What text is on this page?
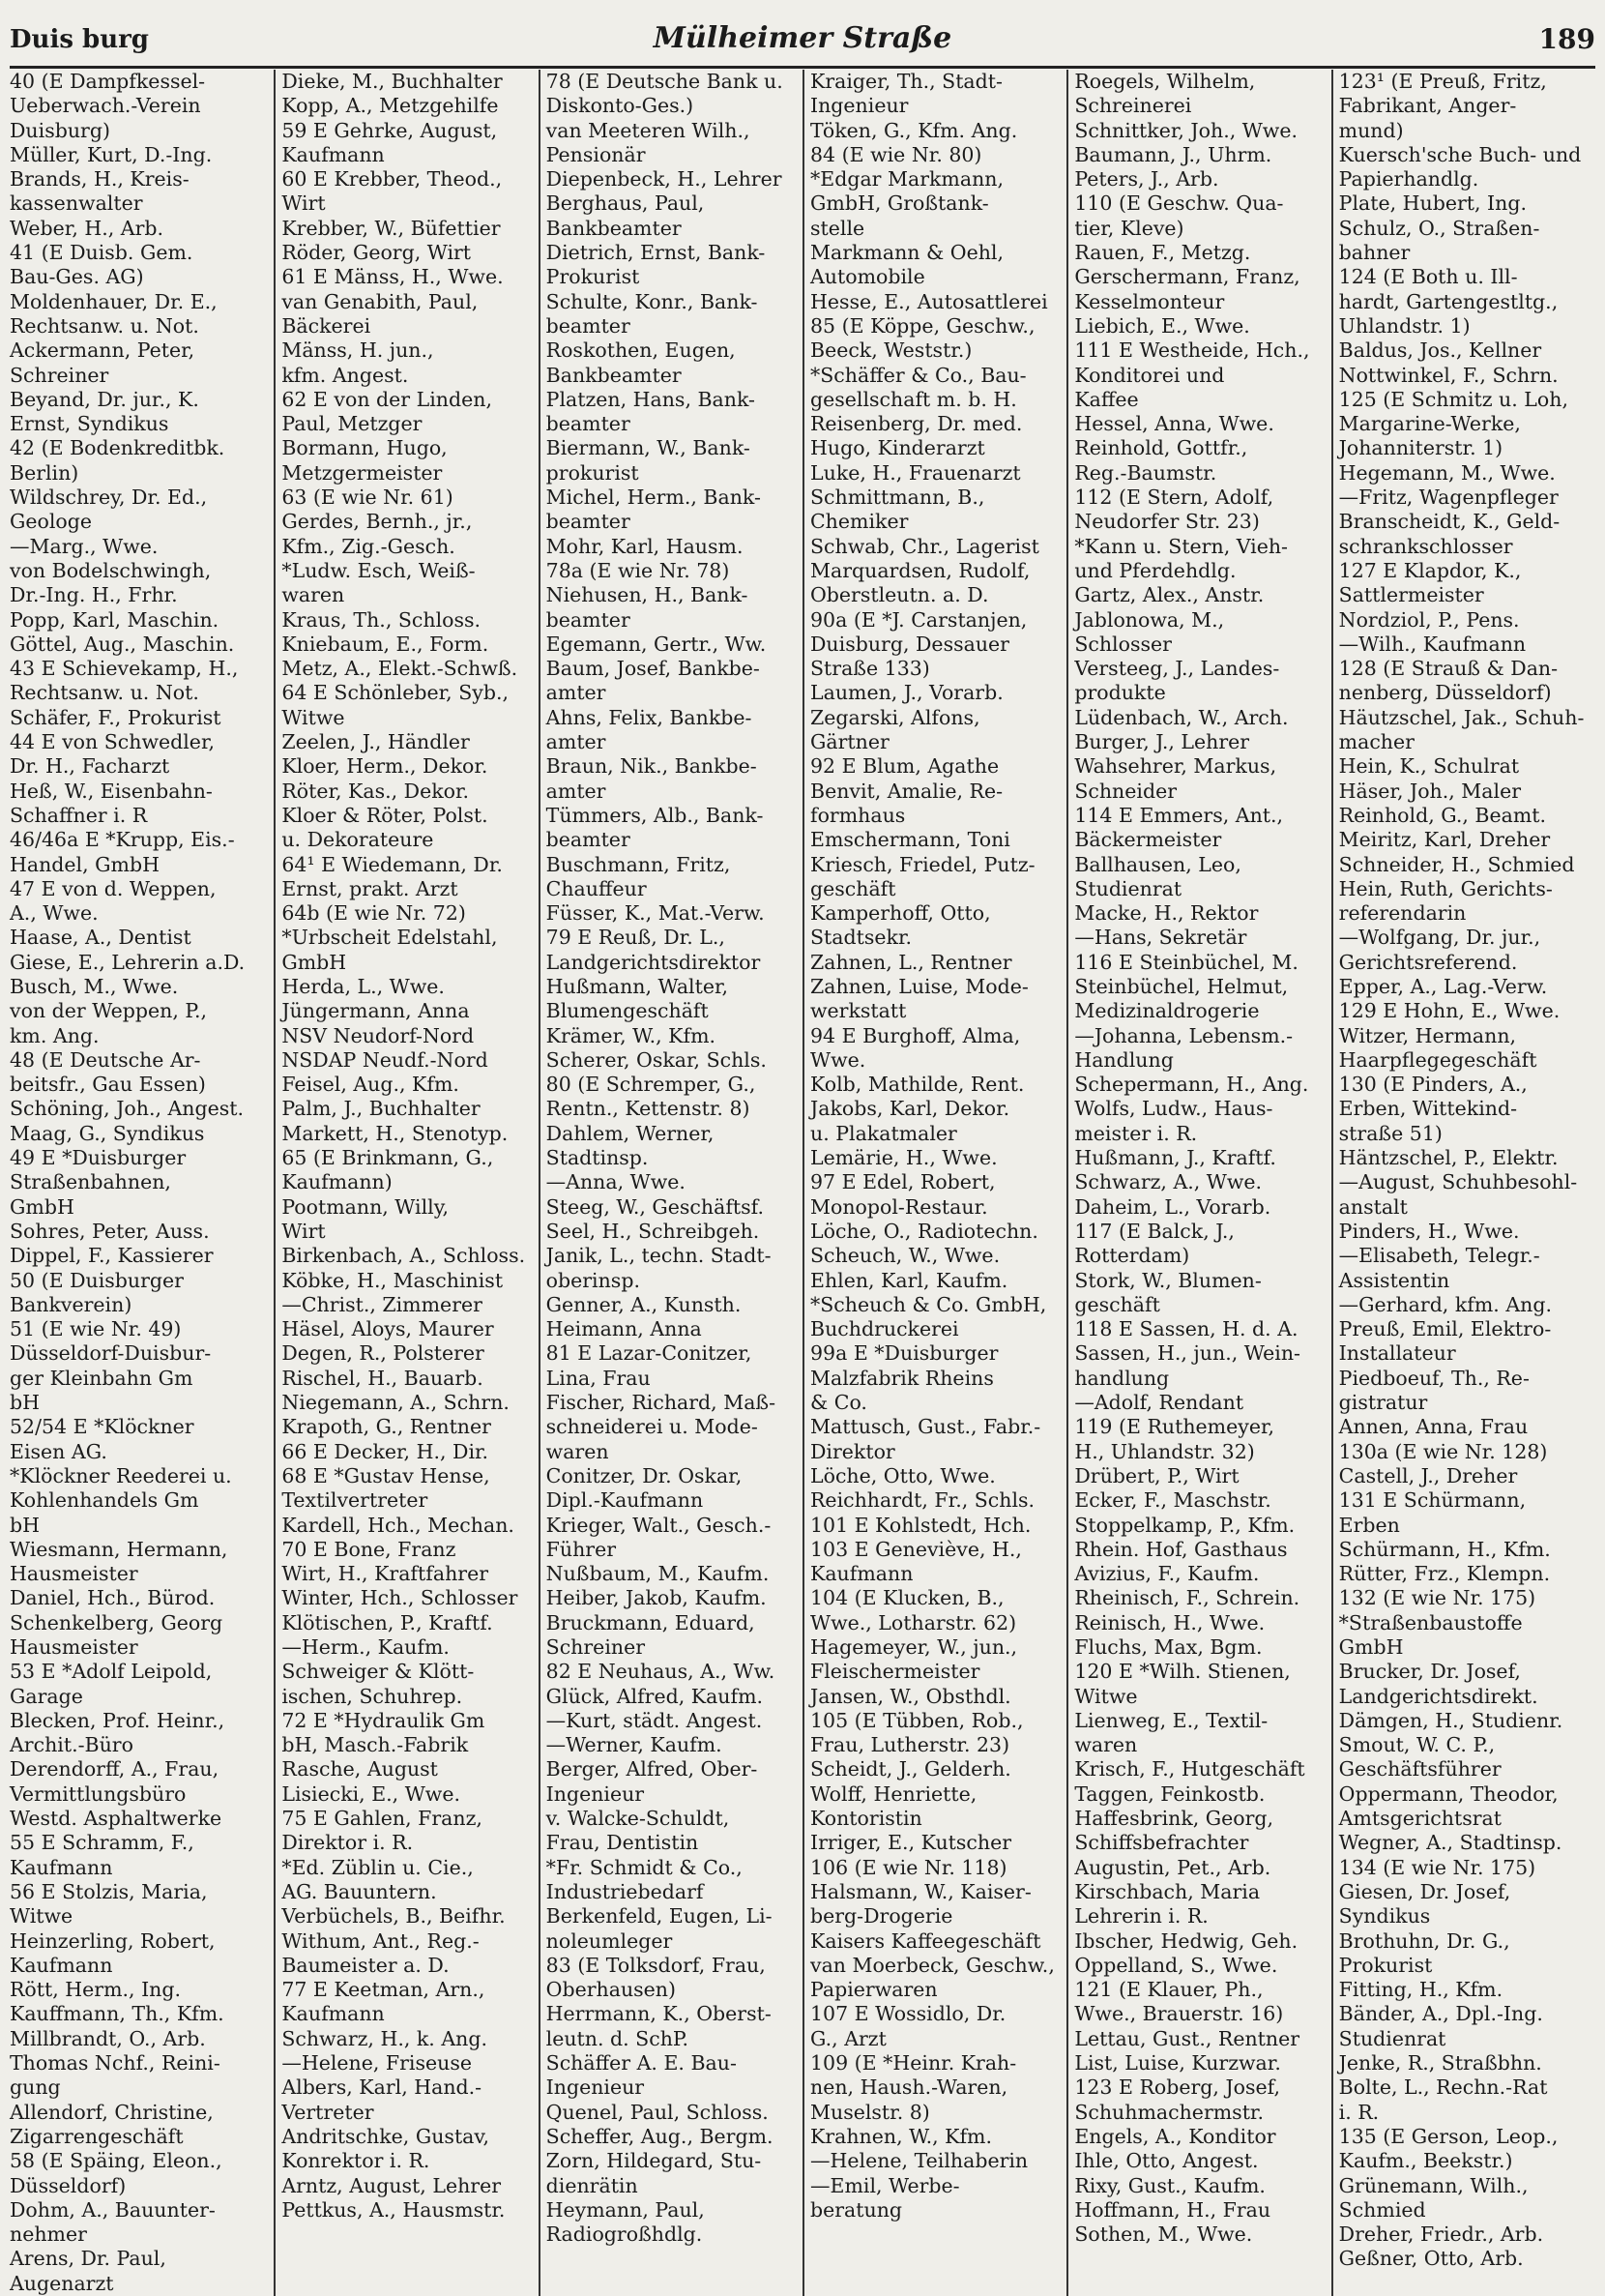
Duis burg	Mülheimer Straße	189
40 (E Dampfkessel-
Ueberwach.-Verein
Duisburg)
Müller, Kurt, D.-Ing.
Brands, H., Kreis-
kassenwalter
Weber, H., Arb.
41 (E Duisb. Gem.
Bau-Ges. AG)
Moldenhauer, Dr. E.,
Rechtsanw. u. Not.
Ackermann, Peter,
Schreiner
Beyand, Dr. jur., K.
Ernst, Syndikus
42 (E Bodenkreditbk.
Berlin)
Wildschrey, Dr. Ed.,
Geologe
—Marg., Wwe.
von Bodelschwingh,
Dr.-Ing. H., Frhr.
Popp, Karl, Maschin.
Göttel, Aug., Maschin.
43 E Schievekamp, H.,
Rechtsanw. u. Not.
Schäfer, F., Prokurist
44 E von Schwedler,
Dr. H., Facharzt
Heß, W., Eisenbahn-
Schaffner i. R
46/46a E *Krupp, Eis.-
Handel, GmbH
47 E von d. Weppen,
A., Wwe.
Haase, A., Dentist
Giese, E., Lehrerin a.D.
Busch, M., Wwe.
von der Weppen, P.,
km. Ang.
48 (E Deutsche Ar-
beitsfr., Gau Essen)
Schöning, Joh., Angest.
Maag, G., Syndikus
49 E *Duisburger
Straßenbahnen,
GmbH
Sohres, Peter, Auss.
Dippel, F., Kassierer
50 (E Duisburger
Bankverein)
51 (E wie Nr. 49)
Düsseldorf-Duisbur-
ger Kleinbahn Gm
bH
52/54 E *Klöckner
Eisen AG.
*Klöckner Reederei u.
Kohlenhandels Gm
bH
Wiesmann, Hermann,
Hausmeister
Daniel, Hch., Bürod.
Schenkelberg, Georg
Hausmeister
53 E *Adolf Leipold,
Garage
Blecken, Prof. Heinr.,
Archit.-Büro
Derendorff, A., Frau,
Vermittlungsbüro
Westd. Asphaltwerke
55 E Schramm, F.,
Kaufmann
56 E Stolzis, Maria,
Witwe
Heinzerling, Robert,
Kaufmann
Rött, Herm., Ing.
Kauffmann, Th., Kfm.
Millbrandt, O., Arb.
Thomas Nchf., Reini-
gung
Allendorf, Christine,
Zigarrengeschäft
58 (E Späing, Eleon.,
Düsseldorf)
Dohm, A., Bauunter-
nehmer
Arens, Dr. Paul,
Augenarzt
Dieke, M., Buchhalter
Kopp, A., Metzgehilfe
59 E Gehrke, August,
Kaufmann
60 E Krebber, Theod.,
Wirt
Krebber, W., Büfettier
Röder, Georg, Wirt
61 E Mänss, H., Wwe.
van Genabith, Paul,
Bäckerei
Mänss, H. jun.,
kfm. Angest.
62 E von der Linden,
Paul, Metzger
Bormann, Hugo,
Metzgermeister
63 (E wie Nr. 61)
Gerdes, Bernh., jr.,
Kfm., Zig.-Gesch.
*Ludw. Esch, Weiß-
waren
Kraus, Th., Schloss.
Kniebaum, E., Form.
Metz, A., Elekt.-Schwß.
64 E Schönleber, Syb.,
Witwe
Zeelen, J., Händler
Kloer, Herm., Dekor.
Röter, Kas., Dekor.
Kloer & Röter, Polst.
u. Dekorateure
64¹ E Wiedemann, Dr.
Ernst, prakt. Arzt
64b (E wie Nr. 72)
*Urbscheit Edelstahl,
GmbH
Herda, L., Wwe.
Jüngermann, Anna
NSV Neudorf-Nord
NSDAP Neudf.-Nord
Feisel, Aug., Kfm.
Palm, J., Buchhalter
Markett, H., Stenotyp.
65 (E Brinkmann, G.,
Kaufmann)
Pootmann, Willy,
Wirt
Birkenbach, A., Schloss.
Köbke, H., Maschinist
—Christ., Zimmerer
Häsel, Aloys, Maurer
Degen, R., Polsterer
Rischel, H., Bauarb.
Niegemann, A., Schrn.
Krapoth, G., Rentner
66 E Decker, H., Dir.
68 E *Gustav Hense,
Textilvertreter
Kardell, Hch., Mechan.
70 E Bone, Franz
Wirt, H., Kraftfahrer
Winter, Hch., Schlosser
Klötischen, P., Kraftf.
—Herm., Kaufm.
Schweiger & Klött-
ischen, Schuhrep.
72 E *Hydraulik Gm
bH, Masch.-Fabrik
Rasche, August
Lisiecki, E., Wwe.
75 E Gahlen, Franz,
Direktor i. R.
*Ed. Züblin u. Cie.,
AG. Bauuntern.
Verbüchels, B., Beifhr.
Withum, Ant., Reg.-
Baumeister a. D.
77 E Keetman, Arn.,
Kaufmann
Schwarz, H., k. Ang.
—Helene, Friseuse
Albers, Karl, Hand.-
Vertreter
Andritschke, Gustav,
Konrektor i. R.
Arntz, August, Lehrer
Pettkus, A., Hausmstr.
78 (E Deutsche Bank u.
Diskonto-Ges.)
van Meeteren Wilh.,
Pensionär
Diepenbeck, H., Lehrer
Berghaus, Paul,
Bankbeamter
Dietrich, Ernst, Bank-
Prokurist
Schulte, Konr., Bank-
beamter
Roskothen, Eugen,
Bankbeamter
Platzen, Hans, Bank-
beamter
Biermann, W., Bank-
prokurist
Michel, Herm., Bank-
beamter
Mohr, Karl, Hausm.
78a (E wie Nr. 78)
Niehusen, H., Bank-
beamter
Egemann, Gertr., Ww.
Baum, Josef, Bankbe-
amter
Ahns, Felix, Bankbe-
amter
Braun, Nik., Bankbe-
amter
Tümmers, Alb., Bank-
beamter
Buschmann, Fritz,
Chauffeur
Füsser, K., Mat.-Verw.
79 E Reuß, Dr. L.,
Landgerichtsdirektor
Hußmann, Walter,
Blumengeschäft
Krämer, W., Kfm.
Scherer, Oskar, Schls.
80 (E Schremper, G.,
Rentn., Kettenstr. 8)
Dahlem, Werner,
Stadtinsp.
—Anna, Wwe.
Steeg, W., Geschäftsf.
Seel, H., Schreibgeh.
Janik, L., techn. Stadt-
oberinsp.
Genner, A., Kunsth.
Heimann, Anna
81 E Lazar-Conitzer,
Lina, Frau
Fischer, Richard, Maß-
schneiderei u. Mode-
waren
Conitzer, Dr. Oskar,
Dipl.-Kaufmann
Krieger, Walt., Gesch.-
Führer
Nußbaum, M., Kaufm.
Heiber, Jakob, Kaufm.
Bruckmann, Eduard,
Schreiner
82 E Neuhaus, A., Ww.
Glück, Alfred, Kaufm.
—Kurt, städt. Angest.
—Werner, Kaufm.
Berger, Alfred, Ober-
Ingenieur
v. Walcke-Schuldt,
Frau, Dentistin
*Fr. Schmidt & Co.,
Industriebedarf
Berkenfeld, Eugen, Li-
noleumleger
83 (E Tolksdorf, Frau,
Oberhausen)
Herrmann, K., Oberst-
leutn. d. SchP.
Schäffer A. E. Bau-
Ingenieur
Quenel, Paul, Schloss.
Scheffer, Aug., Bergm.
Zorn, Hildegard, Stu-
dienrätin
Heymann, Paul,
Radiogroßhdlg.
Kraiger, Th., Stadt-
Ingenieur
Töken, G., Kfm. Ang.
84 (E wie Nr. 80)
*Edgar Markmann,
GmbH, Großtank-
stelle
Markmann & Oehl,
Automobile
Hesse, E., Autosattlerei
85 (E Köppe, Geschw.,
Beeck, Weststr.)
*Schäffer & Co., Bau-
gesellschaft m. b. H.
Reisenberg, Dr. med.
Hugo, Kinderarzt
Luke, H., Frauenarzt
Schmittmann, B.,
Chemiker
Schwab, Chr., Lagerist
Marquardsen, Rudolf,
Oberstleutn. a. D.
90a (E *J. Carstanjen,
Duisburg, Dessauer
Straße 133)
Laumen, J., Vorarb.
Zegarski, Alfons,
Gärtner
92 E Blum, Agathe
Benvit, Amalie, Re-
formhaus
Emschermann, Toni
Kriesch, Friedel, Putz-
geschäft
Kamperhoff, Otto,
Stadtsekr.
Zahnen, L., Rentner
Zahnen, Luise, Mode-
werkstatt
94 E Burghoff, Alma,
Wwe.
Kolb, Mathilde, Rent.
Jakobs, Karl, Dekor.
u. Plakatmaler
Lemärie, H., Wwe.
97 E Edel, Robert,
Monopol-Restaur.
Löche, O., Radiotechn.
Scheuch, W., Wwe.
Ehlen, Karl, Kaufm.
*Scheuch & Co. GmbH,
Buchdruckerei
99a E *Duisburger
Malzfabrik Rheins
& Co.
Mattusch, Gust., Fabr.-
Direktor
Löche, Otto, Wwe.
Reichhardt, Fr., Schls.
101 E Kohlstedt, Hch.
103 E Geneviève, H.,
Kaufmann
104 (E Klucken, B.,
Wwe., Lotharstr. 62)
Hagemeyer, W., jun.,
Fleischermeister
Jansen, W., Obsthdl.
105 (E Tübben, Rob.,
Frau, Lutherstr. 23)
Scheidt, J., Gelderh.
Wolff, Henriette,
Kontoristin
Irriger, E., Kutscher
106 (E wie Nr. 118)
Halsmann, W., Kaiser-
berg-Drogerie
Kaisers Kaffeegeschäft
van Moerbeck, Geschw.,
Papierwaren
107 E Wossidlo, Dr.
G., Arzt
109 (E *Heinr. Krah-
nen, Haush.-Waren,
Muselstr. 8)
Krahnen, W., Kfm.
—Helene, Teilhaberin
—Emil, Werbe-
beratung
Roegels, Wilhelm,
Schreinerei
Schnittker, Joh., Wwe.
Baumann, J., Uhrm.
Peters, J., Arb.
110 (E Geschw. Qua-
tier, Kleve)
Rauen, F., Metzg.
Gerschermann, Franz,
Kesselmonteur
Liebich, E., Wwe.
111 E Westheide, Hch.,
Konditorei und
Kaffee
Hessel, Anna, Wwe.
Reinhold, Gottfr.,
Reg.-Baumstr.
112 (E Stern, Adolf,
Neudorfer Str. 23)
*Kann u. Stern, Vieh-
und Pferdehdlg.
Gartz, Alex., Anstr.
Jablonowa, M.,
Schlosser
Versteeg, J., Landes-
produkte
Lüdenbach, W., Arch.
Burger, J., Lehrer
Wahsehrer, Markus,
Schneider
114 E Emmers, Ant.,
Bäckermeister
Ballhausen, Leo,
Studienrat
Macke, H., Rektor
—Hans, Sekretär
116 E Steinbüchel, M.
Steinbüchel, Helmut,
Medizinaldrogerie
—Johanna, Lebensm.-
Handlung
Schepermann, H., Ang.
Wolfs, Ludw., Haus-
meister i. R.
Hußmann, J., Kraftf.
Schwarz, A., Wwe.
Daheim, L., Vorarb.
117 (E Balck, J.,
Rotterdam)
Stork, W., Blumen-
geschäft
118 E Sassen, H. d. A.
Sassen, H., jun., Wein-
handlung
—Adolf, Rendant
119 (E Ruthemeyer,
H., Uhlandstr. 32)
Drübert, P., Wirt
Ecker, F., Maschstr.
Stoppelkamp, P., Kfm.
Rhein. Hof, Gasthaus
Avizius, F., Kaufm.
Rheinisch, F., Schrein.
Reinisch, H., Wwe.
Fluchs, Max, Bgm.
120 E *Wilh. Stienen,
Witwe
Lienweg, E., Textil-
waren
Krisch, F., Hutgeschäft
Taggen, Feinkostb.
Haffesbrink, Georg,
Schiffsbefrachter
Augustin, Pet., Arb.
Kirschbach, Maria
Lehrerin i. R.
Ibscher, Hedwig, Geh.
Oppelland, S., Wwe.
121 (E Klauer, Ph.,
Wwe., Brauerstr. 16)
Lettau, Gust., Rentner
List, Luise, Kurzwar.
123 E Roberg, Josef,
Schuhmachermstr.
Engels, A., Konditor
Ihle, Otto, Angest.
Rixy, Gust., Kaufm.
Hoffmann, H., Frau
Sothen, M., Wwe.
123¹ (E Preuß, Fritz,
Fabrikant, Anger-
mund)
Kuersch'sche Buch- und
Papierhandlg.
Plate, Hubert, Ing.
Schulz, O., Straßen-
bahner
124 (E Both u. Ill-
hardt, Gartengestltg.,
Uhlandstr. 1)
Baldus, Jos., Kellner
Nottwinkel, F., Schrn.
125 (E Schmitz u. Loh,
Margarine-Werke,
Johanniterstr. 1)
Hegemann, M., Wwe.
—Fritz, Wagenpfleger
Branscheidt, K., Geld-
schrankschlosser
127 E Klapdor, K.,
Sattlermeister
Nordziol, P., Pens.
—Wilh., Kaufmann
128 (E Strauß & Dan-
nenberg, Düsseldorf)
Häutzschel, Jak., Schuh-
macher
Hein, K., Schulrat
Häser, Joh., Maler
Reinhold, G., Beamt.
Meiritz, Karl, Dreher
Schneider, H., Schmied
Hein, Ruth, Gerichts-
referendarin
—Wolfgang, Dr. jur.,
Gerichtsreferend.
Epper, A., Lag.-Verw.
129 E Hohn, E., Wwe.
Witzer, Hermann,
Haarpflegegeschäft
130 (E Pinders, A.,
Erben, Wittekind-
straße 51)
Häntzschel, P., Elektr.
—August, Schuhbesohl-
anstalt
Pinders, H., Wwe.
—Elisabeth, Telegr.-
Assistentin
—Gerhard, kfm. Ang.
Preuß, Emil, Elektro-
Installateur
Piedboeuf, Th., Re-
gistratur
Annen, Anna, Frau
130a (E wie Nr. 128)
Castell, J., Dreher
131 E Schürmann,
Erben
Schürmann, H., Kfm.
Rütter, Frz., Klempn.
132 (E wie Nr. 175)
*Straßenbaustoffe
GmbH
Brucker, Dr. Josef,
Landgerichtsdirekt.
Dämgen, H., Studienr.
Smout, W. C. P.,
Geschäftsführer
Oppermann, Theodor,
Amtsgerichtsrat
Wegner, A., Stadtinsp.
134 (E wie Nr. 175)
Giesen, Dr. Josef,
Syndikus
Brothuhn, Dr. G.,
Prokurist
Fitting, H., Kfm.
Bänder, A., Dpl.-Ing.
Studienrat
Jenke, R., Straßbhn.
Bolte, L., Rechn.-Rat
i. R.
135 (E Gerson, Leop.,
Kaufm., Beekstr.)
Grünemann, Wilh.,
Schmied
Dreher, Friedr., Arb.
Geßner, Otto, Arb.
